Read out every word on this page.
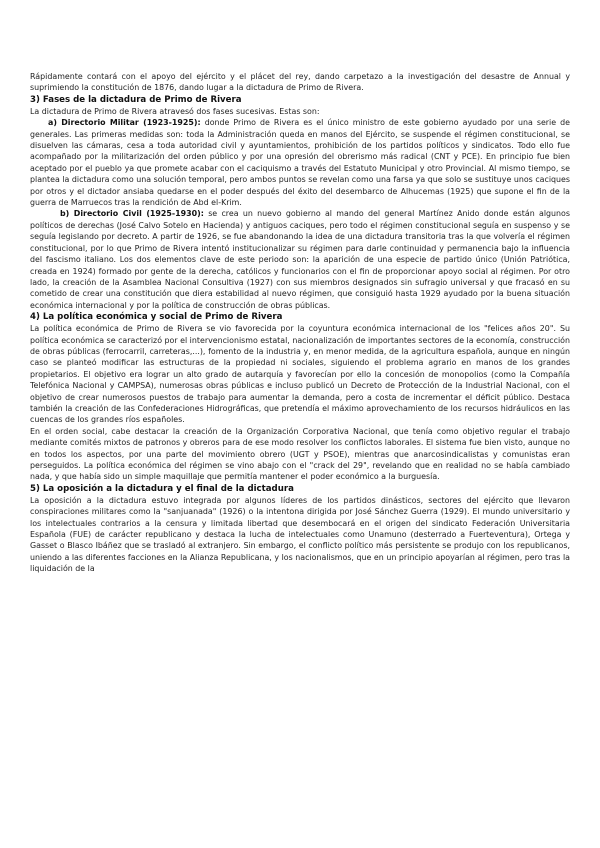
Rápidamente contará con el apoyo del ejército y el plácet del rey, dando carpetazo a la investigación del desastre de Annual y suprimiendo la constitución de 1876, dando lugar a la dictadura de Primo de Rivera.

3) Fases de la dictadura de Primo de Rivera

La dictadura de Primo de Rivera atravesó dos fases sucesivas. Estas son:

a) Directorio Militar (1923-1925): donde Primo de Rivera es el único ministro de este gobierno ayudado por una serie de generales. Las primeras medidas son: toda la Administración queda en manos del Ejército, se suspende el régimen constitucional, se disuelven las cámaras, cesa a toda autoridad civil y ayuntamientos, prohibición de los partidos políticos y sindicatos. Todo ello fue acompañado por la militarización del orden público y por una opresión del obrerismo más radical (CNT y PCE). En principio fue bien aceptado por el pueblo ya que promete acabar con el caciquismo a través del Estatuto Municipal y otro Provincial. Al mismo tiempo, se plantea la dictadura como una solución temporal, pero ambos puntos se revelan como una farsa ya que solo se sustituye unos caciques por otros y el dictador ansiaba quedarse en el poder después del éxito del desembarco de Alhucemas (1925) que supone el fin de la guerra de Marruecos tras la rendición de Abd el-Krim.

b) Directorio Civil (1925-1930): se crea un nuevo gobierno al mando del general Martínez Anido donde están algunos políticos de derechas (José Calvo Sotelo en Hacienda) y antiguos caciques, pero todo el régimen constitucional seguía en suspenso y se seguía legislando por decreto. A partir de 1926, se fue abandonando la idea de una dictadura transitoria tras la que volvería el régimen constitucional, por lo que Primo de Rivera intentó institucionalizar su régimen para darle continuidad y permanencia bajo la influencia del fascismo italiano. Los dos elementos clave de este periodo son: la aparición de una especie de partido único (Unión Patriótica, creada en 1924) formado por gente de la derecha, católicos y funcionarios con el fin de proporcionar apoyo social al régimen. Por otro lado, la creación de la Asamblea Nacional Consultiva (1927) con sus miembros designados sin sufragio universal y que fracasó en su cometido de crear una constitución que diera estabilidad al nuevo régimen, que consiguió hasta 1929 ayudado por la buena situación económica internacional y por la política de construcción de obras públicas.

4) La política económica y social de Primo de Rivera

La política económica de Primo de Rivera se vio favorecida por la coyuntura económica internacional de los "felices años 20". Su política económica se caracterizó por el intervencionismo estatal, nacionalización de importantes sectores de la economía, construcción de obras públicas (ferrocarril, carreteras,...), fomento de la industria y, en menor medida, de la agricultura española, aunque en ningún caso se planteó modificar las estructuras de la propiedad ni sociales, siguiendo el problema agrario en manos de los grandes propietarios. El objetivo era lograr un alto grado de autarquía y favorecían por ello la concesión de monopolios (como la Compañía Telefónica Nacional y CAMPSA), numerosas obras públicas e incluso publicó un Decreto de Protección de la Industrial Nacional, con el objetivo de crear numerosos puestos de trabajo para aumentar la demanda, pero a costa de incrementar el déficit público. Destaca también la creación de las Confederaciones Hidrográficas, que pretendía el máximo aprovechamiento de los recursos hidráulicos en las cuencas de los grandes ríos españoles.

En el orden social, cabe destacar la creación de la Organización Corporativa Nacional, que tenía como objetivo regular el trabajo mediante comités mixtos de patronos y obreros para de ese modo resolver los conflictos laborales. El sistema fue bien visto, aunque no en todos los aspectos, por una parte del movimiento obrero (UGT y PSOE), mientras que anarcosindicalistas y comunistas eran perseguidos. La política económica del régimen se vino abajo con el "crack del 29", revelando que en realidad no se había cambiado nada, y que había sido un simple maquillaje que permitía mantener el poder económico a la burguesía.

5) La oposición a la dictadura y el final de la dictadura

La oposición a la dictadura estuvo integrada por algunos líderes de los partidos dinásticos, sectores del ejército que llevaron conspiraciones militares como la "sanjuanada" (1926) o la intentona dirigida por José Sánchez Guerra (1929). El mundo universitario y los intelectuales contrarios a la censura y limitada libertad que desembocará en el origen del sindicato Federación Universitaria Española (FUE) de carácter republicano y destaca la lucha de intelectuales como Unamuno (desterrado a Fuerteventura), Ortega y Gasset o Blasco Ibáñez que se trasladó al extranjero. Sin embargo, el conflicto político más persistente se produjo con los republicanos, uniendo a las diferentes facciones en la Alianza Republicana, y los nacionalismos, que en un principio apoyarían al régimen, pero tras la liquidación de la
